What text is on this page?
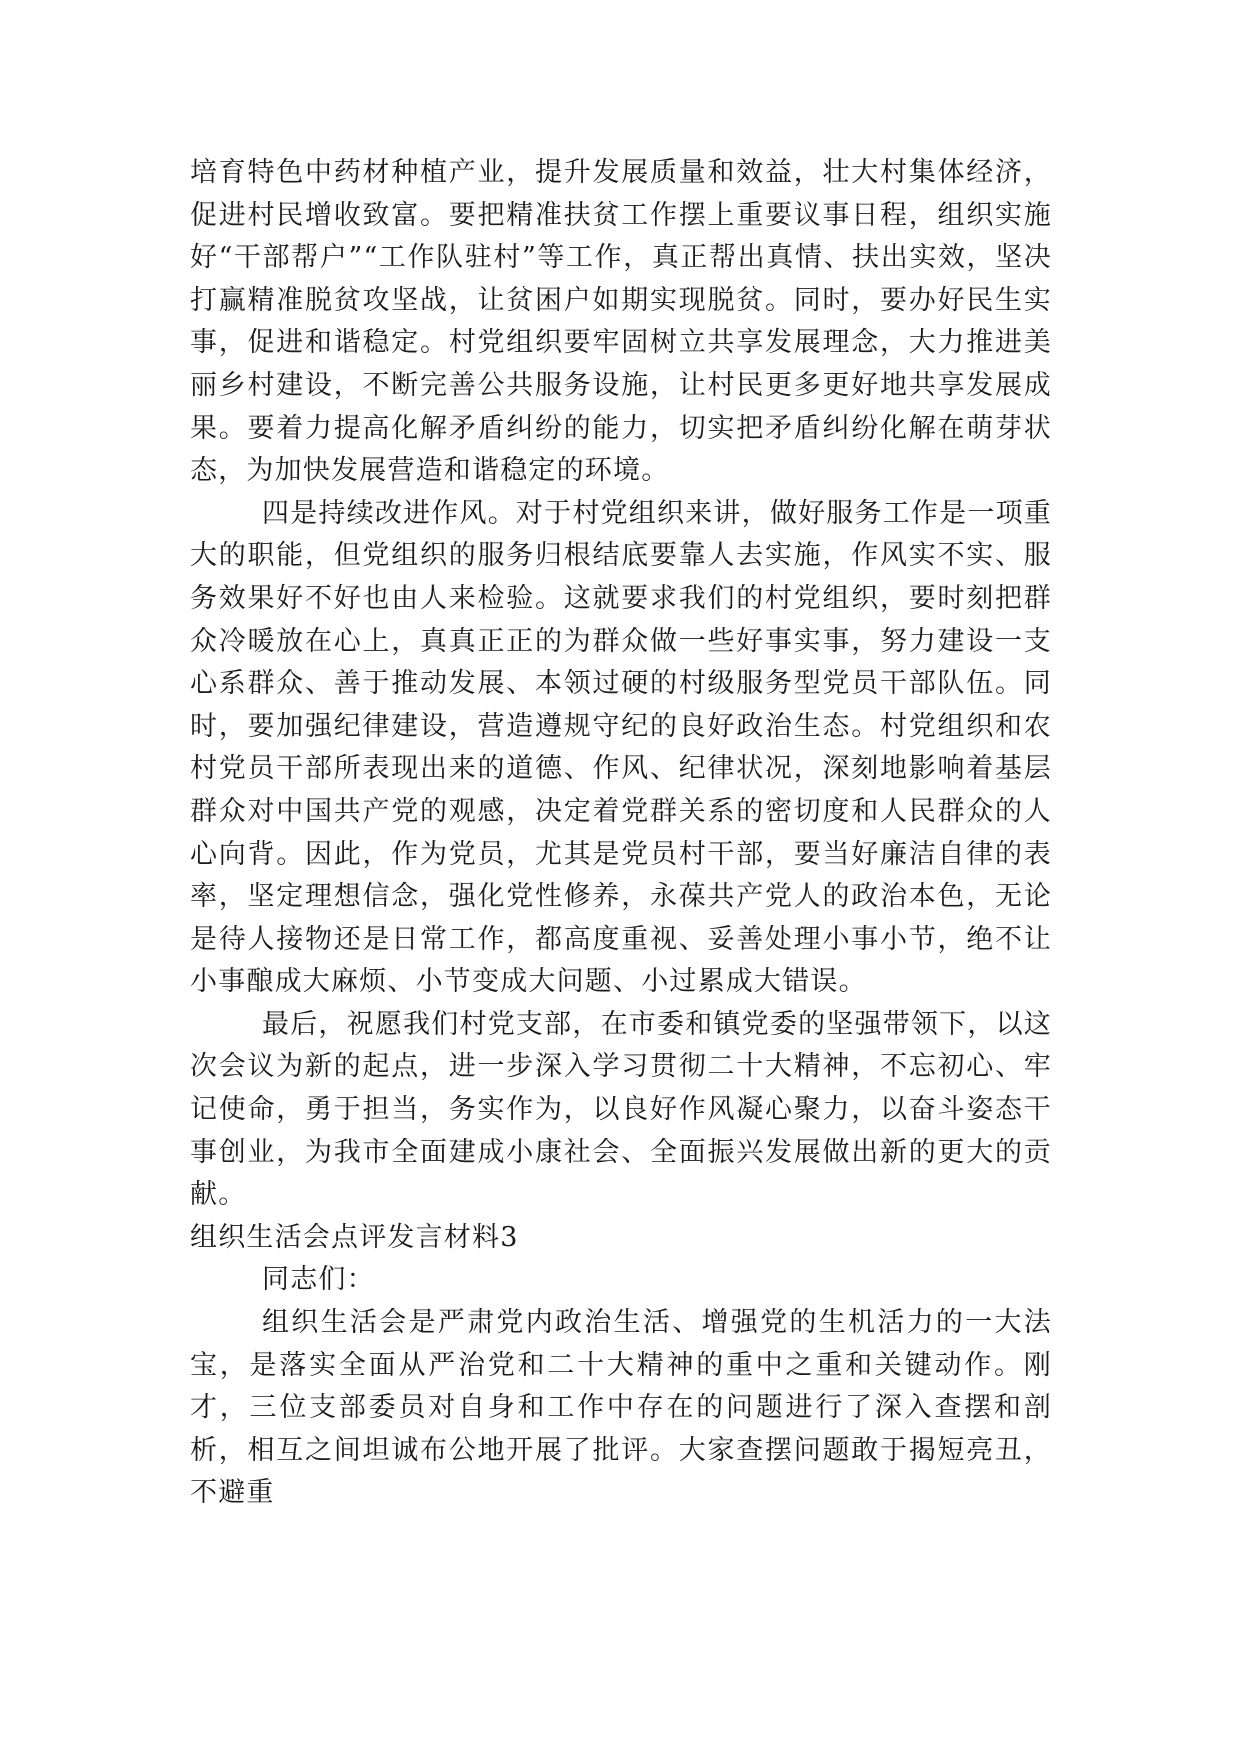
培育特色中药材种植产业，提升发展质量和效益，壮大村集体经济，促进村民增收致富。要把精准扶贫工作摆上重要议事日程，组织实施好“干部帮户”“工作队驻村”等工作，真正帮出真情、扶出实效，坚决打赢精准脱贫攻坚战，让贫困户如期实现脱贫。同时，要办好民生实事，促进和谐稳定。村党组织要牢固树立共享发展理念，大力推进美丽乡村建设，不断完善公共服务设施，让村民更多更好地共享发展成果。要着力提高化解矛盾纠纷的能力，切实把矛盾纠纷化解在萌芽状态，为加快发展营造和谐稳定的环境。

四是持续改进作风。对于村党组织来讲，做好服务工作是一项重大的职能，但党组织的服务归根结底要靠人去实施，作风实不实、服务效果好不好也由人来检验。这就要求我们的村党组织，要时刻把群众冷暖放在心上，真真正正的为群众做一些好事实事，努力建设一支心系群众、善于推动发展、本领过硬的村级服务型党员干部队伍。同时，要加强纪律建设，营造遵规守纪的良好政治生态。村党组织和农村党员干部所表现出来的道德、作风、纪律状况，深刻地影响着基层群众对中国共产党的观感，决定着党群关系的密切度和人民群众的人心向背。因此，作为党员，尤其是党员村干部，要当好廉洁自律的表率，坚定理想信念，强化党性修养，永葆共产党人的政治本色，无论是待人接物还是日常工作，都高度重视、妥善处理小事小节，绝不让小事酿成大麻烦、小节变成大问题、小过累成大错误。

最后，祝愿我们村党支部，在市委和镇党委的坚强带领下，以这次会议为新的起点，进一步深入学习贯彻二十大精神，不忘初心、牢记使命，勇于担当，务实作为，以良好作风凝心聚力，以奋斗姿态干事创业，为我市全面建成小康社会、全面振兴发展做出新的更大的贡献。

组织生活会点评发言材料3

同志们：

组织生活会是严肃党内政治生活、增强党的生机活力的一大法宝，是落实全面从严治党和二十大精神的重中之重和关键动作。刚才，三位支部委员对自身和工作中存在的问题进行了深入查摆和剖析，相互之间坦诚布公地开展了批评。大家查摆问题敢于揭短亮丑，不避重
